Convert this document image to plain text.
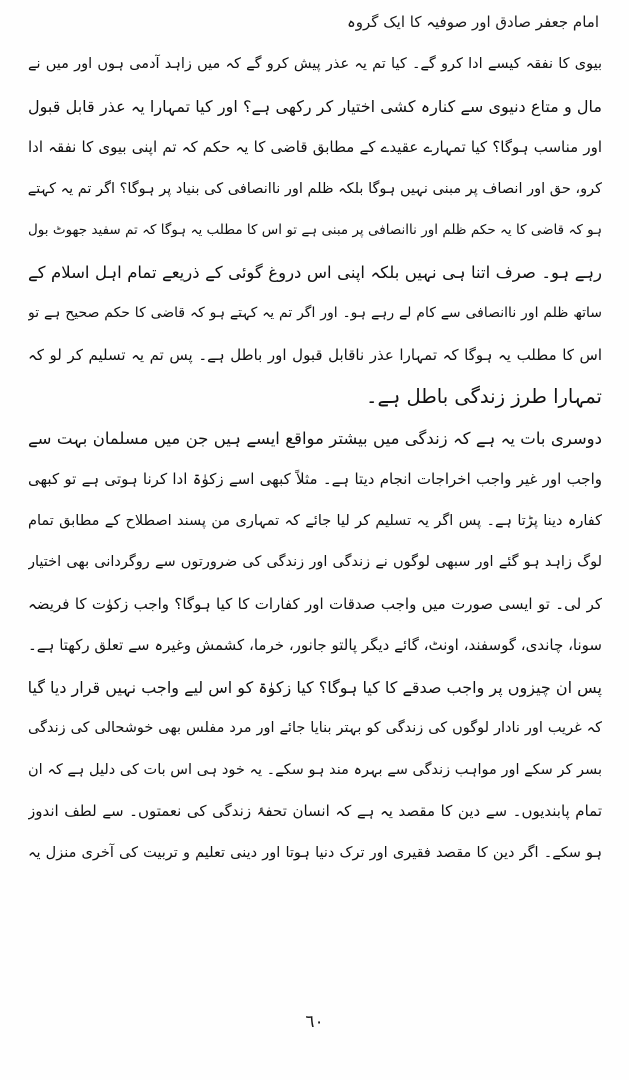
امام جعفر صادق اور صوفیہ کا ایک گروہ
بیوی کا نفقہ کیسے ادا کرو گے۔ کیا تم یہ عذر پیش کرو گے کہ میں زاہد آدمی ہوں اور میں نے
مال و متاع دنیوی سے کنارہ کشی اختیار کر رکھی ہے؟ اور کیا تمہارا یہ عذر قابل قبول
اور مناسب ہوگا؟ کیا تمہارے عقیدے کے مطابق قاضی کا یہ حکم کہ تم اپنی بیوی کا نفقہ ادا
کرو، حق اور انصاف پر مبنی نہیں ہوگا بلکہ ظلم اور ناانصافی کی بنیاد پر ہوگا؟ اگر تم یہ کہتے
ہو کہ قاضی کا یہ حکم ظلم اور ناانصافی پر مبنی ہے تو اس کا مطلب یہ ہوگا کہ تم سفید جھوٹ بول
رہے ہو۔ صرف اتنا ہی نہیں بلکہ اپنی اس دروغ گوئی کے ذریعے تمام اہل اسلام کے
ساتھ ظلم اور ناانصافی سے کام لے رہے ہو۔ اور اگر تم یہ کہتے ہو کہ قاضی کا حکم صحیح ہے تو
اس کا مطلب یہ ہوگا کہ تمہارا عذر ناقابل قبول اور باطل ہے۔ پس تم یہ تسلیم کر لو کہ
تمہارا طرز زندگی باطل ہے۔
دوسری بات یہ ہے کہ زندگی میں بیشتر مواقع ایسے ہیں جن میں مسلمان بہت سے
واجب اور غیر واجب اخراجات انجام دیتا ہے۔ مثلاً کبھی اسے زکوٰۃ ادا کرنا ہوتی ہے تو کبھی
کفارہ دینا پڑتا ہے۔ پس اگر یہ تسلیم کر لیا جائے کہ تمہاری من پسند اصطلاح کے مطابق تمام
لوگ زاہد ہو گئے اور سبھی لوگوں نے زندگی اور زندگی کی ضرورتوں سے روگردانی بھی اختیار
کر لی۔ تو ایسی صورت میں واجب صدقات اور کفارات کا کیا ہوگا؟ واجب زکوٰت کا فریضہ
سونا، چاندی، گوسفند، اونٹ، گائے دیگر پالتو جانور، خرما، کشمش وغیرہ سے تعلق رکھتا ہے۔
پس ان چیزوں پر واجب صدقے کا کیا ہوگا؟ کیا زکوٰۃ کو اس لیے واجب نہیں قرار دیا گیا
کہ غریب اور نادار لوگوں کی زندگی کو بہتر بنایا جائے اور مرد مفلس بھی خوشحالی کی زندگی
بسر کر سکے اور مواہب زندگی سے بہرہ مند ہو سکے۔ یہ خود ہی اس بات کی دلیل ہے کہ ان
تمام پابندیوں۔ سے دین کا مقصد یہ ہے کہ انسان تحفۂ زندگی کی نعمتوں۔ سے لطف اندوز
ہو سکے۔ اگر دین کا مقصد فقیری اور ترک دنیا ہوتا اور دینی تعلیم و تربیت کی آخری منزل یہ
٦٠
